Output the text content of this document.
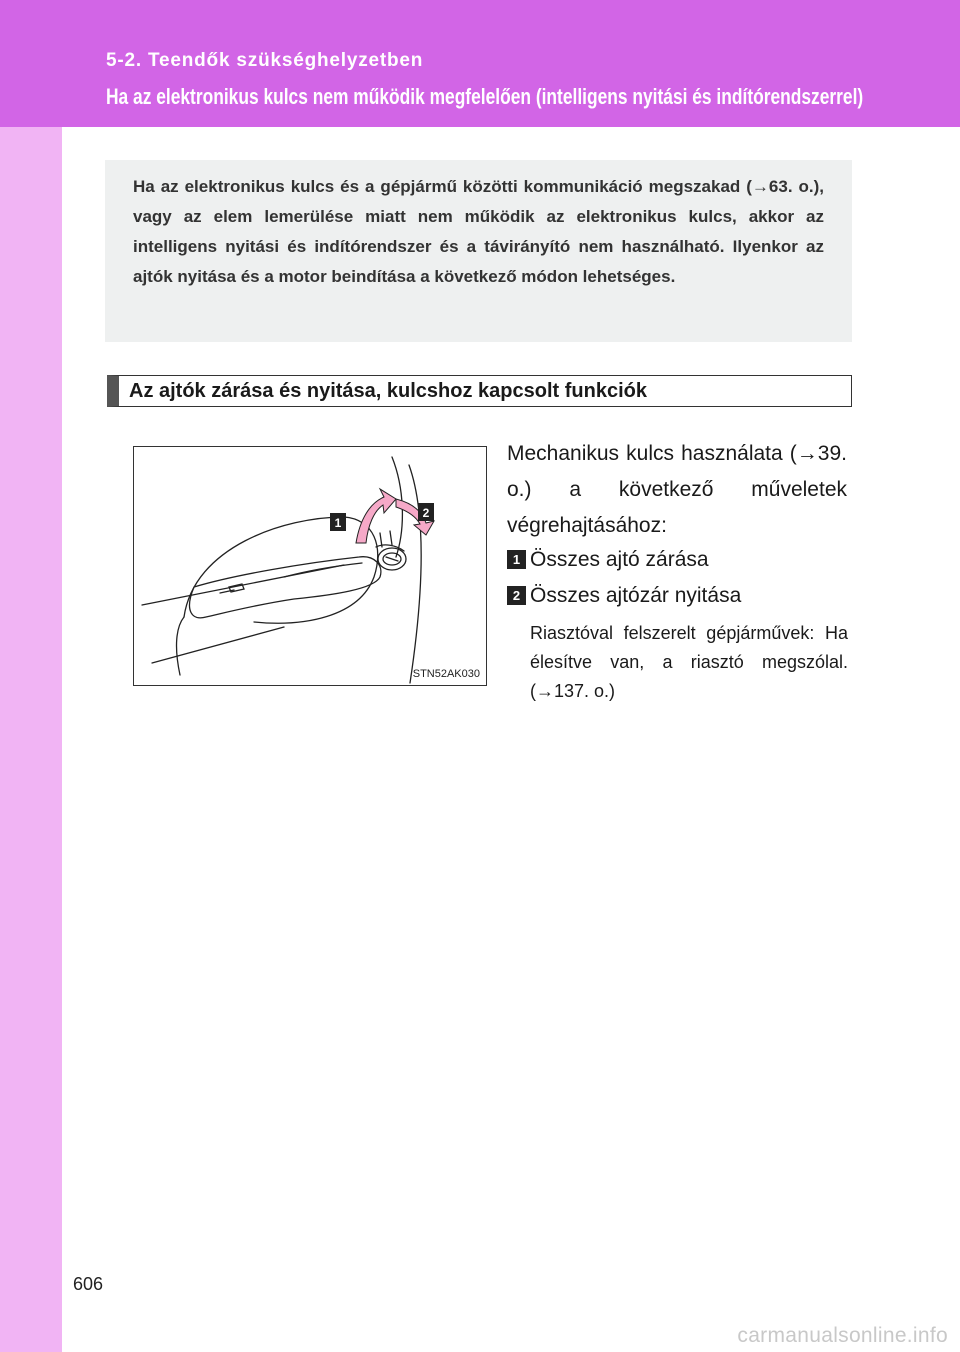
5-2. Teendők szükséghelyzetben
Ha az elektronikus kulcs nem működik megfelelően (intelligens nyitási és indítórendszerrel)

Ha az elektronikus kulcs és a gépjármű közötti kommunikáció megszakad (→63. o.), vagy az elem lemerülése miatt nem működik az elektronikus kulcs, akkor az intelligens nyitási és indítórendszer és a távirányító nem használható. Ilyenkor az ajtók nyitása és a motor beindítása a következő módon lehetséges.

Az ajtók zárása és nyitása, kulcshoz kapcsolt funkciók
1
2
STN52AK030

Mechanikus kulcs használata (→39. o.) a következő műveletek végrehajtásához:

1 Összes ajtó zárása
2 Összes ajtózár nyitása

Riasztóval felszerelt gépjárművek: Ha élesítve van, a riasztó megszólal. (→137. o.)

606
carmanualsonline.info
